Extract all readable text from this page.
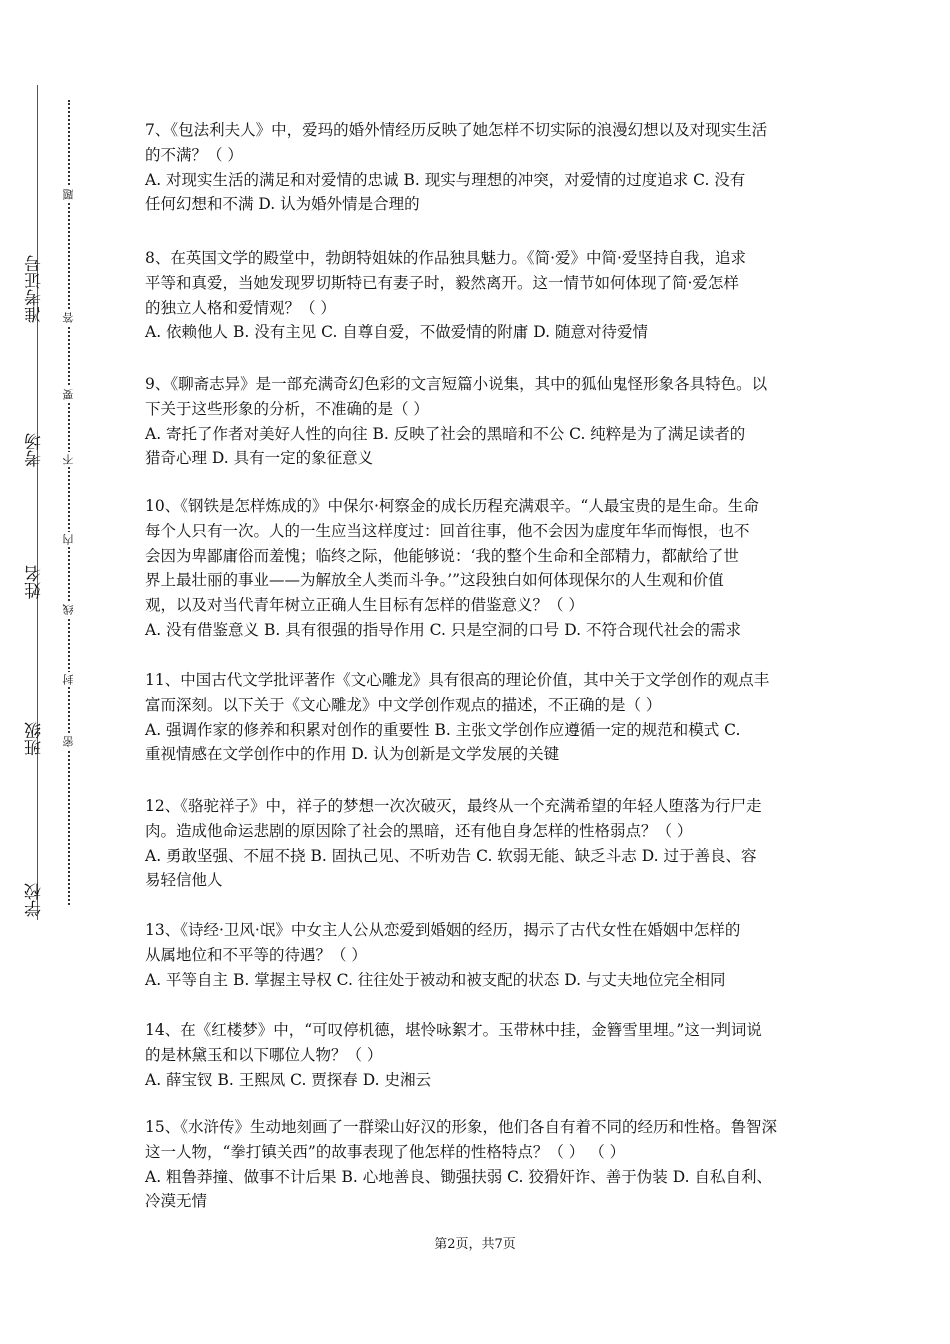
学校
班级
姓名
考场
准考证号
密
封
线
内
不
要
答
题
7、《包法利夫人》中，爱玛的婚外情经历反映了她怎样不切实际的浪漫幻想以及对现实生活
的不满？（ ）
A. 对现实生活的满足和对爱情的忠诚 B. 现实与理想的冲突，对爱情的过度追求 C. 没有
任何幻想和不满 D. 认为婚外情是合理的
8、在英国文学的殿堂中，勃朗特姐妹的作品独具魅力。《简·爱》中简·爱坚持自我，追求
平等和真爱，当她发现罗切斯特已有妻子时，毅然离开。这一情节如何体现了简·爱怎样
的独立人格和爱情观？（ ）
A. 依赖他人 B. 没有主见 C. 自尊自爱，不做爱情的附庸 D. 随意对待爱情
9、《聊斋志异》是一部充满奇幻色彩的文言短篇小说集，其中的狐仙鬼怪形象各具特色。以
下关于这些形象的分析，不准确的是（ ）
A. 寄托了作者对美好人性的向往 B. 反映了社会的黑暗和不公 C. 纯粹是为了满足读者的
猎奇心理 D. 具有一定的象征意义
10、《钢铁是怎样炼成的》中保尔·柯察金的成长历程充满艰辛。“人最宝贵的是生命。生命
每个人只有一次。人的一生应当这样度过：回首往事，他不会因为虚度年华而悔恨，也不
会因为卑鄙庸俗而羞愧；临终之际，他能够说：‘我的整个生命和全部精力，都献给了世
界上最壮丽的事业——为解放全人类而斗争。’”这段独白如何体现保尔的人生观和价值
观，以及对当代青年树立正确人生目标有怎样的借鉴意义？（ ）
A. 没有借鉴意义 B. 具有很强的指导作用 C. 只是空洞的口号 D. 不符合现代社会的需求
11、中国古代文学批评著作《文心雕龙》具有很高的理论价值，其中关于文学创作的观点丰
富而深刻。以下关于《文心雕龙》中文学创作观点的描述，不正确的是（ ）
A. 强调作家的修养和积累对创作的重要性 B. 主张文学创作应遵循一定的规范和模式 C.
重视情感在文学创作中的作用 D. 认为创新是文学发展的关键
12、《骆驼祥子》中，祥子的梦想一次次破灭，最终从一个充满希望的年轻人堕落为行尸走
肉。造成他命运悲剧的原因除了社会的黑暗，还有他自身怎样的性格弱点？（ ）
A. 勇敢坚强、不屈不挠 B. 固执己见、不听劝告 C. 软弱无能、缺乏斗志 D. 过于善良、容
易轻信他人
13、《诗经·卫风·氓》中女主人公从恋爱到婚姻的经历，揭示了古代女性在婚姻中怎样的
从属地位和不平等的待遇？（ ）
A. 平等自主 B. 掌握主导权 C. 往往处于被动和被支配的状态 D. 与丈夫地位完全相同
14、在《红楼梦》中，“可叹停机德，堪怜咏絮才。玉带林中挂，金簪雪里埋。”这一判词说
的是林黛玉和以下哪位人物？（ ）
A. 薛宝钗 B. 王熙凤 C. 贾探春 D. 史湘云
15、《水浒传》生动地刻画了一群梁山好汉的形象，他们各自有着不同的经历和性格。鲁智深
这一人物，“拳打镇关西”的故事表现了他怎样的性格特点？（ ） （ ）
A. 粗鲁莽撞、做事不计后果 B. 心地善良、锄强扶弱 C. 狡猾奸诈、善于伪装 D. 自私自利、
冷漠无情
第2页，共7页
